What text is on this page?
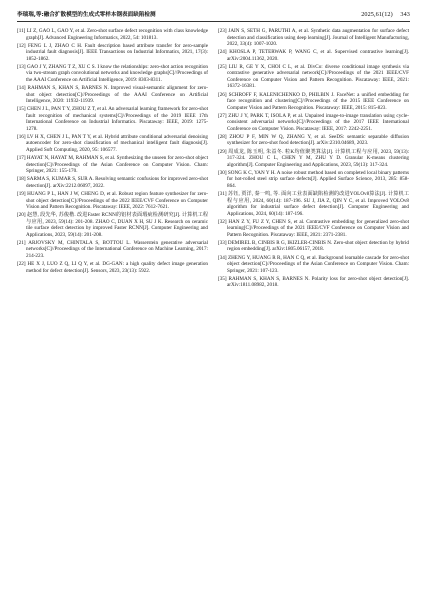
李瑞瑞,等:融合扩散模型的生成式零样本钢表面缺陷检测	2025,61(12) 343

[11] LI Z, GAO L, GAO Y, et al. Zero-shot surface defect recognition with class knowledge graph[J]. Advanced Engineering Informatics, 2022, 54: 101813.

[12] FENG L J, ZHAO C H. Fault description based attribute transfer for zero-sample industrial fault diagnosis[J]. IEEE Transactions on Industrial Informatics, 2021, 17(3): 1852-1862.

[13] GAO J Y, ZHANG T Z, XU C S. I know the relationships: zero-shot action recognition via two-stream graph convolutional networks and knowledge graphs[C]//Proceedings of the AAAI Conference on Artificial Intelligence, 2019: 8303-8311.

[14] RAHMAN S, KHAN S, BARNES N. Improved visual-semantic alignment for zero-shot object detection[C]//Proceedings of the AAAI Conference on Artificial Intelligence, 2020: 11932-11939.

[15] CHEN J L, PAN T Y, ZHOU Z T, et al. An adversarial learning framework for zero-shot fault recognition of mechanical systems[C]//Proceedings of the 2019 IEEE 17th International Conference on Industrial Informatics. Piscataway: IEEE, 2019: 1275-1278.

[16] LV H X, CHEN J L, PAN T Y, et al. Hybrid attribute conditional adversarial denoising autoencoder for zero-shot classification of mechanical intelligent fault diagnosis[J]. Applied Soft Computing, 2020, 95: 106577.

[17] HAYAT N, HAYAT M, RAHMAN S, et al. Synthesizing the unseen for zero-shot object detection[C]//Proceedings of the Asian Conference on Computer Vision. Cham: Springer, 2021: 155-170.

[18] SARMA S, KUMAR S, SUR A. Resolving semantic confusions for improved zero-shot detection[J]. arXiv:2212.06097, 2022.

[19] HUANG P L, HAN J W, CHENG D, et al. Robust region feature synthesizer for zero-shot object detection[C]//Proceedings of the 2022 IEEE/CVF Conference on Computer Vision and Pattern Recognition. Piscataway: IEEE, 2022: 7612-7621.

[20] 赵慧, 段先华, 苏俊楷. 改进Faster RCNN的铝材表面瑕疵检测研究[J]. 计算机工程与应用, 2023, 59(14): 201-208. ZHAO C, DUAN X H, SU J K. Research on ceramic tile surface defect detection by improved Faster RCNN[J]. Computer Engineering and Applications, 2023, 59(14): 201-208.

[21] ARJOVSKY M, CHINTALA S, BOTTOU L. Wasserstein generative adversarial networks[C]//Proceedings of the International Conference on Machine Learning, 2017: 214-223.

[22] HE X J, LUO Z Q, LI Q Y, et al. DG-GAN: a high quality defect image generation method for defect detection[J]. Sensors, 2023, 23(13): 5922.

[23] JAIN S, SETH G, PARUTHI A, et al. Synthetic data augmentation for surface defect detection and classification using deep learning[J]. Journal of Intelligent Manufacturing, 2022, 33(4): 1007-1020.

[24] KHOSLA P, TETERWAK P, WANG C, et al. Supervised contrastive learning[J]. arXiv:2004.11362, 2020.

[25] LIU R, GE Y X, CHOI C L, et al. DivCo: diverse conditional image synthesis via contrastive generative adversarial network[C]//Proceedings of the 2021 IEEE/CVF Conference on Computer Vision and Pattern Recognition. Piscataway: IEEE, 2021: 16372-16381.

[26] SCHROFF F, KALENICHENKO D, PHILBIN J. FaceNet: a unified embedding for face recognition and clustering[C]//Proceedings of the 2015 IEEE Conference on Computer Vision and Pattern Recognition. Piscataway: IEEE, 2015: 815-823.

[27] ZHU J Y, PARK T, ISOLA P, et al. Unpaired image-to-image translation using cycle-consistent adversarial networks[C]//Proceedings of the 2017 IEEE International Conference on Computer Vision. Piscataway: IEEE, 2017: 2242-2251.

[28] ZHOU P F, MIN W Q, ZHANG Y, et al. SeeDS: semantic separable diffusion synthesizer for zero-shot food detection[J]. arXiv:2310.04689, 2023.

[29] 周成龙, 陈玉明, 朱益冬. 粒K均值聚类算法[J]. 计算机工程与应用, 2023, 59(13): 317-324. ZHOU C L, CHEN Y M, ZHU Y D. Granular K-means clustering algorithm[J]. Computer Engineering and Applications, 2023, 59(13): 317-324.

[30] SONG K C, YAN Y H. A noise robust method based on completed local binary patterns for hot-rolled steel strip surface defects[J]. Applied Surface Science, 2013, 285: 858-864.

[31] 苏钰, 贾洋, 秦一鸣, 等. 面向工业表面缺陷检测的改进YOLOv8算法[J]. 计算机工程与应用, 2024, 60(14): 187-196. SU J, JIA Z, QIN Y C, et al. Improved YOLOv8 algorithm for industrial surface defect detection[J]. Computer Engineering and Applications, 2024, 60(14): 187-196.

[32] HAN Z Y, FU Z Y, CHEN S, et al. Contrastive embedding for generalized zero-shot learning[C]//Proceedings of the 2021 IEEE/CVF Conference on Computer Vision and Pattern Recognition. Piscataway: IEEE, 2021: 2371-2381.

[33] DEMIREL B, CINBIS R G, IKIZLER-CINBIS N. Zero-shot object detection by hybrid region embedding[J]. arXiv:1805.06157, 2018.

[34] ZHENG Y, HUANG R R, HAN C Q, et al. Background learnable cascade for zero-shot object detection[C]//Proceedings of the Asian Conference on Computer Vision. Cham: Springer, 2021: 107-123.

[35] RAHMAN S, KHAN S, BARNES N. Polarity loss for zero-shot object detection[J]. arXiv:1811.08982, 2018.
